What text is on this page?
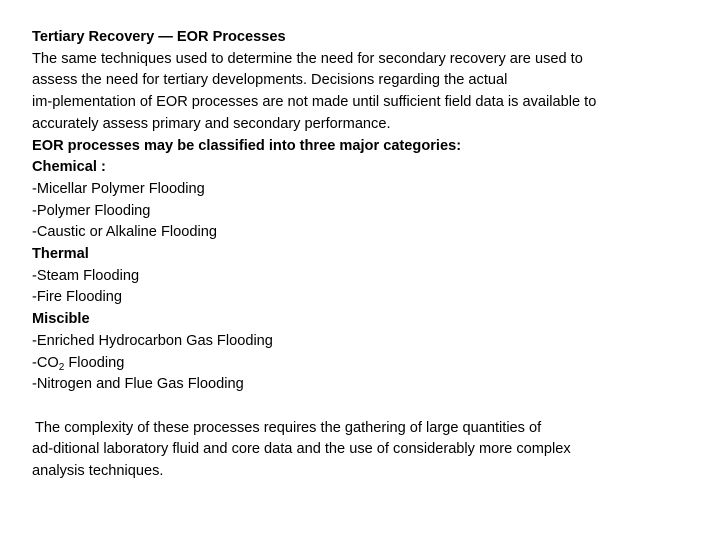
Tertiary Recovery — EOR Processes
The same techniques used to determine the need for secondary recovery are used to
assess the need for tertiary developments. Decisions regarding the actual
im-plementation of EOR processes are not made until sufficient field data is available to
accurately assess primary and secondary performance.
EOR processes may be classified into three major categories:
Chemical :
-Micellar Polymer Flooding
-Polymer Flooding
-Caustic or Alkaline Flooding
Thermal
-Steam Flooding
-Fire Flooding
Miscible
-Enriched Hydrocarbon Gas Flooding
$-CO_2$ Flooding
-Nitrogen and Flue Gas Flooding
The complexity of these processes requires the gathering of large quantities of
ad-ditional laboratory fluid and core data and the use of considerably more complex
analysis techniques.
